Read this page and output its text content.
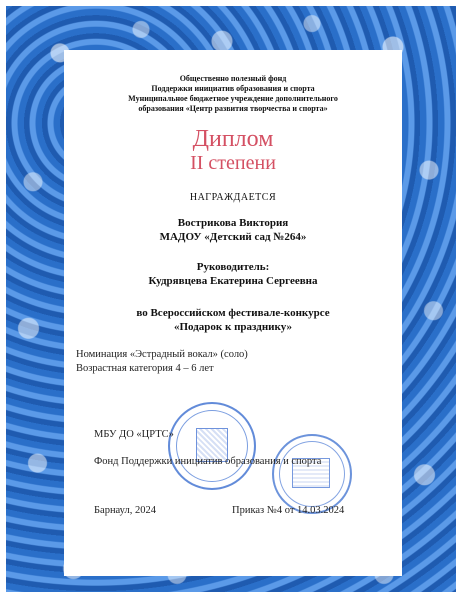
Общественно полезный фонд
Поддержки инициатив образования и спорта
Муниципальное бюджетное учреждение дополнительного
образования «Центр развития творчества и спорта»
Диплом
II степени
НАГРАЖДАЕТСЯ
Вострикова Виктория
МАДОУ «Детский сад №264»
Руководитель:
Кудрявцева Екатерина Сергеевна
во Всероссийском фестивале-конкурсе
«Подарок к празднику»
Номинация «Эстрадный вокал» (соло)
Возрастная категория 4 – 6 лет
МБУ ДО «ЦРТС»
Фонд Поддержки инициатив образования и спорта
Барнаул, 2024	Приказ №4 от 14.03.2024
